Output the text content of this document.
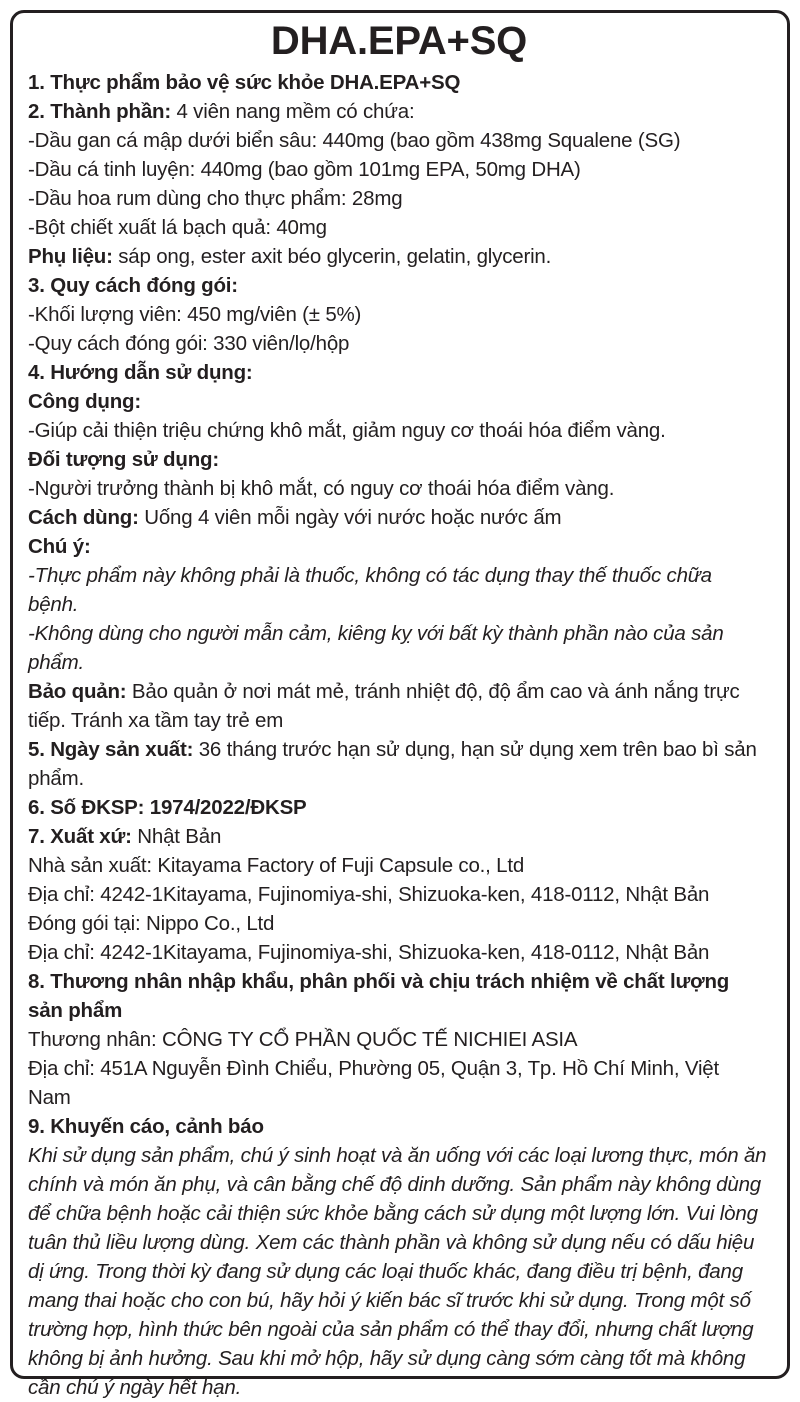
DHA.EPA+SQ
1. Thực phẩm bảo vệ sức khỏe DHA.EPA+SQ
2. Thành phần: 4 viên nang mềm có chứa:
-Dầu gan cá mập dưới biển sâu: 440mg (bao gồm 438mg Squalene (SG)
-Dầu cá tinh luyện: 440mg (bao gồm 101mg EPA, 50mg DHA)
-Dầu hoa rum dùng cho thực phẩm: 28mg
-Bột chiết xuất lá bạch quả: 40mg
Phụ liệu: sáp ong, ester axit béo glycerin, gelatin, glycerin.
3. Quy cách đóng gói:
-Khối lượng viên: 450 mg/viên (± 5%)
-Quy cách đóng gói: 330 viên/lọ/hộp
4. Hướng dẫn sử dụng:
Công dụng:
-Giúp cải thiện triệu chứng khô mắt, giảm nguy cơ thoái hóa điểm vàng.
Đối tượng sử dụng:
-Người trưởng thành bị khô mắt, có nguy cơ thoái hóa điểm vàng.
Cách dùng: Uống 4 viên mỗi ngày với nước hoặc nước ấm
Chú ý:
-Thực phẩm này không phải là thuốc, không có tác dụng thay thế thuốc chữa bệnh.
-Không dùng cho người mẫn cảm, kiêng kỵ với bất kỳ thành phần nào của sản phẩm.
Bảo quản: Bảo quản ở nơi mát mẻ, tránh nhiệt độ, độ ẩm cao và ánh nắng trực tiếp. Tránh xa tầm tay trẻ em
5. Ngày sản xuất: 36 tháng trước hạn sử dụng, hạn sử dụng xem trên bao bì sản phẩm.
6. Số ĐKSP: 1974/2022/ĐKSP
7. Xuất xứ: Nhật Bản
Nhà sản xuất: Kitayama Factory of Fuji Capsule co., Ltd
Địa chỉ: 4242-1Kitayama, Fujinomiya-shi, Shizuoka-ken, 418-0112, Nhật Bản
Đóng gói tại: Nippo Co., Ltd
Địa chỉ: 4242-1Kitayama, Fujinomiya-shi, Shizuoka-ken, 418-0112, Nhật Bản
8. Thương nhân nhập khẩu, phân phối và chịu trách nhiệm về chất lượng sản phẩm
Thương nhân: CÔNG TY CỔ PHẦN QUỐC TẾ NICHIEI ASIA
Địa chỉ: 451A Nguyễn Đình Chiểu, Phường 05, Quận 3, Tp. Hồ Chí Minh, Việt Nam
9. Khuyến cáo, cảnh báo
Khi sử dụng sản phẩm, chú ý sinh hoạt và ăn uống với các loại lương thực, món ăn chính và món ăn phụ, và cân bằng chế độ dinh dưỡng. Sản phẩm này không dùng để chữa bệnh hoặc cải thiện sức khỏe bằng cách sử dụng một lượng lớn. Vui lòng tuân thủ liều lượng dùng. Xem các thành phần và không sử dụng nếu có dấu hiệu dị ứng. Trong thời kỳ đang sử dụng các loại thuốc khác, đang điều trị bệnh, đang mang thai hoặc cho con bú, hãy hỏi ý kiến bác sĩ trước khi sử dụng. Trong một số trường hợp, hình thức bên ngoài của sản phẩm có thể thay đổi, nhưng chất lượng không bị ảnh hưởng. Sau khi mở hộp, hãy sử dụng càng sớm càng tốt mà không cần chú ý ngày hết hạn.
